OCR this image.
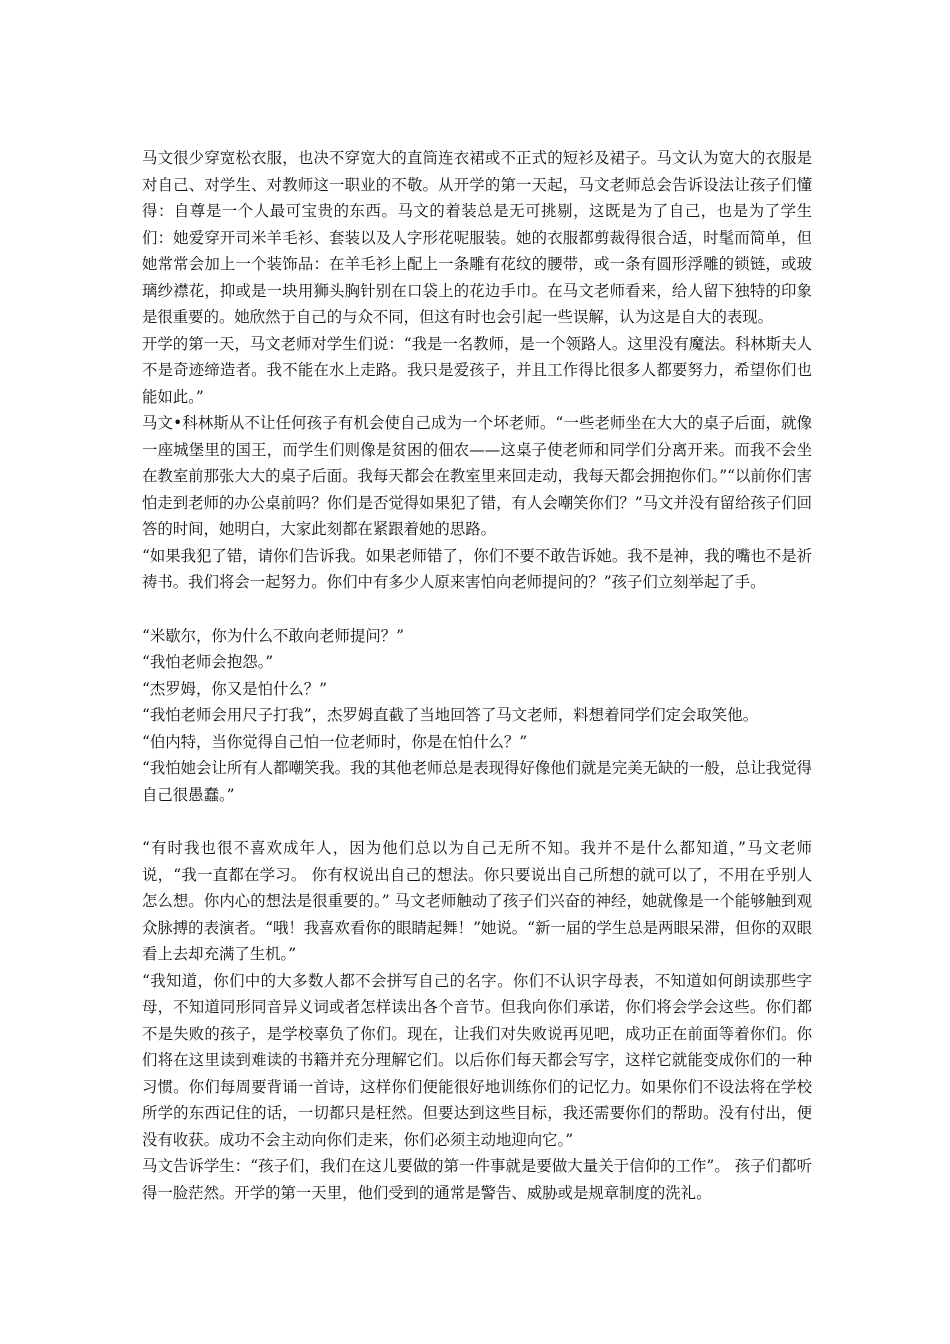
马文很少穿宽松衣服，也决不穿宽大的直筒连衣裙或不正式的短衫及裙子。马文认为宽大的衣服是对自己、对学生、对教师这一职业的不敬。从开学的第一天起，马文老师总会告诉设法让孩子们懂得：自尊是一个人最可宝贵的东西。马文的着装总是无可挑剔，这既是为了自己，也是为了学生们：她爱穿开司米羊毛衫、套装以及人字形花呢服装。她的衣服都剪裁得很合适，时髦而简单，但她常常会加上一个装饰品：在羊毛衫上配上一条雕有花纹的腰带，或一条有圆形浮雕的锁链，或玻璃纱襟花，抑或是一块用狮头胸针别在口袋上的花边手巾。在马文老师看来，给人留下独特的印象是很重要的。她欣然于自己的与众不同，但这有时也会引起一些误解，认为这是自大的表现。

开学的第一天，马文老师对学生们说：“我是一名教师，是一个领路人。这里没有魔法。科林斯夫人不是奇迹缔造者。我不能在水上走路。我只是爱孩子，并且工作得比很多人都要努力，希望你们也能如此。”

马文•科林斯从不让任何孩子有机会使自己成为一个坏老师。“一些老师坐在大大的桌子后面，就像一座城堡里的国王，而学生们则像是贫困的佃农——这桌子使老师和同学们分离开来。而我不会坐在教室前那张大大的桌子后面。我每天都会在教室里来回走动，我每天都会拥抱你们。”“以前你们害怕走到老师的办公桌前吗？你们是否觉得如果犯了错，有人会嘲笑你们？”马文并没有留给孩子们回答的时间，她明白，大家此刻都在紧跟着她的思路。

“如果我犯了错，请你们告诉我。如果老师错了，你们不要不敢告诉她。我不是神，我的嘴也不是祈祷书。我们将会一起努力。你们中有多少人原来害怕向老师提问的？”孩子们立刻举起了手。

“米歇尔，你为什么不敢向老师提问？”

“我怕老师会抱怨。”

“杰罗姆，你又是怕什么？”

“我怕老师会用尺子打我”，杰罗姆直截了当地回答了马文老师，料想着同学们定会取笑他。

“伯内特，当你觉得自己怕一位老师时，你是在怕什么？”

“我怕她会让所有人都嘲笑我。我的其他老师总是表现得好像他们就是完美无缺的一般，总让我觉得自己很愚蠢。”

“有时我也很不喜欢成年人，因为他们总以为自己无所不知。我并不是什么都知道，”马文老师说，“我一直都在学习。 你有权说出自己的想法。你只要说出自己所想的就可以了，不用在乎别人怎么想。你内心的想法是很重要的。” 马文老师触动了孩子们兴奋的神经，她就像是一个能够触到观众脉搏的表演者。“哦！我喜欢看你的眼睛起舞！”她说。“新一届的学生总是两眼呆滞，但你的双眼看上去却充满了生机。”

“我知道，你们中的大多数人都不会拼写自己的名字。你们不认识字母表，不知道如何朗读那些字母，不知道同形同音异义词或者怎样读出各个音节。但我向你们承诺，你们将会学会这些。你们都不是失败的孩子，是学校辜负了你们。现在，让我们对失败说再见吧，成功正在前面等着你们。你们将在这里读到难读的书籍并充分理解它们。以后你们每天都会写字，这样它就能变成你们的一种习惯。你们每周要背诵一首诗，这样你们便能很好地训练你们的记忆力。如果你们不设法将在学校所学的东西记住的话，一切都只是枉然。但要达到这些目标，我还需要你们的帮助。没有付出，便没有收获。成功不会主动向你们走来，你们必须主动地迎向它。”

马文告诉学生：“孩子们，我们在这儿要做的第一件事就是要做大量关于信仰的工作”。 孩子们都听得一脸茫然。开学的第一天里，他们受到的通常是警告、威胁或是规章制度的洗礼。
